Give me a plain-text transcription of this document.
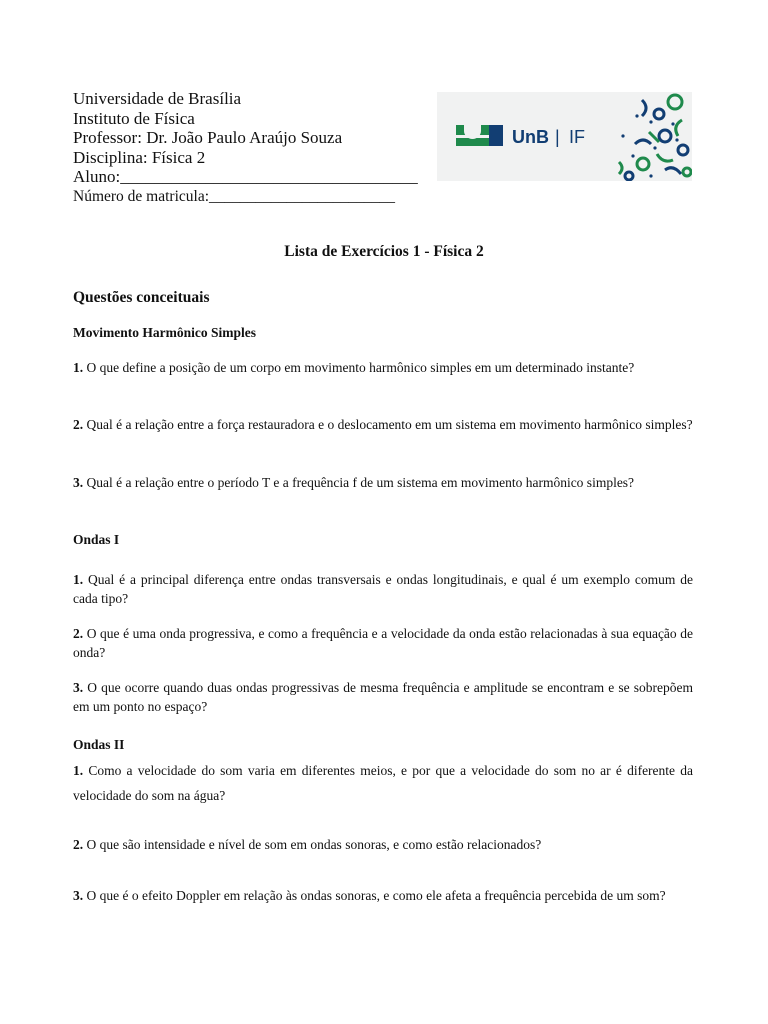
Universidade de Brasília
Instituto de Física
Professor: Dr. João Paulo Araújo Souza
Disciplina: Física 2
Aluno:___________________________________
Número de matricula:________________________
UnB | IF
Lista de Exercícios 1 - Física 2
Questões conceituais
Movimento Harmônico Simples
1. O que define a posição de um corpo em movimento harmônico simples em um determinado instante?
2. Qual é a relação entre a força restauradora e o deslocamento em um sistema em movimento harmônico simples?
3. Qual é a relação entre o período T e a frequência f de um sistema em movimento harmônico simples?
Ondas I
1. Qual é a principal diferença entre ondas transversais e ondas longitudinais, e qual é um exemplo comum de cada tipo?
2. O que é uma onda progressiva, e como a frequência e a velocidade da onda estão relacionadas à sua equação de onda?
3. O que ocorre quando duas ondas progressivas de mesma frequência e amplitude se encontram e se sobrepõem em um ponto no espaço?
Ondas II
1. Como a velocidade do som varia em diferentes meios, e por que a velocidade do som no ar é diferente da velocidade do som na água?
2. O que são intensidade e nível de som em ondas sonoras, e como estão relacionados?
3. O que é o efeito Doppler em relação às ondas sonoras, e como ele afeta a frequência percebida de um som?
